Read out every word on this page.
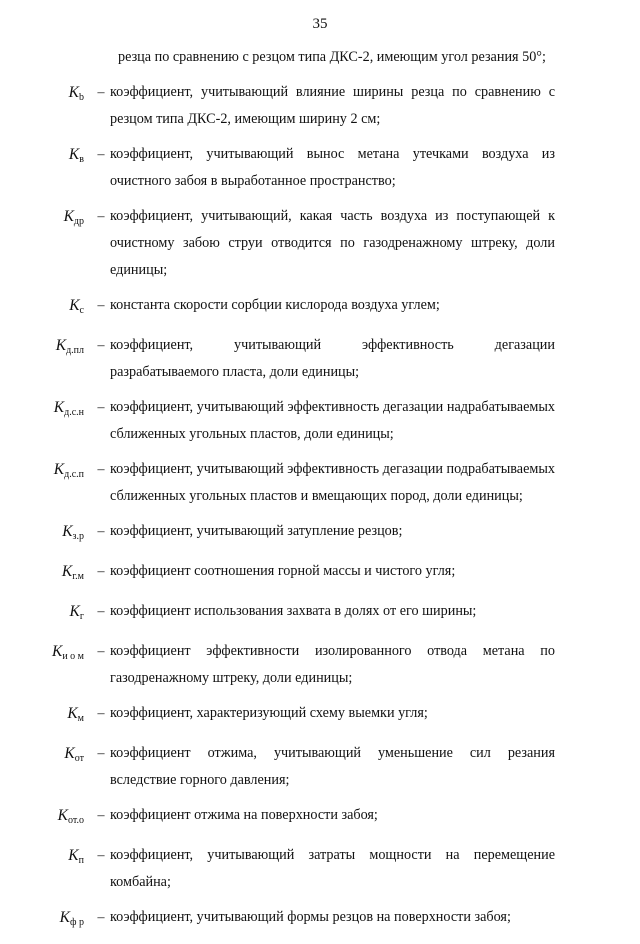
35
резца по сравнению с резцом типа ДКС-2, имеющим угол резания 50°;
$K_b$ – коэффициент, учитывающий влияние ширины резца по сравнению с резцом типа ДКС-2, имеющим ширину 2 см;
$K_в$ – коэффициент, учитывающий вынос метана утечками воздуха из очистного забоя в выработанное пространство;
$K_{др}$ – коэффициент, учитывающий, какая часть воздуха из поступающей к очистному забою струи отводится по газодренажному штреку, доли единицы;
$K_с$ – константа скорости сорбции кислорода воздуха углем;
$K_{д.пл}$ – коэффициент, учитывающий эффективность дегазации разрабатываемого пласта, доли единицы;
$K_{д.с.н}$ – коэффициент, учитывающий эффективность дегазации надрабатываемых сближенных угольных пластов, доли единицы;
$K_{д.с.п}$ – коэффициент, учитывающий эффективность дегазации подрабатываемых сближенных угольных пластов и вмещающих пород, доли единицы;
$K_{з.р}$ – коэффициент, учитывающий затупление резцов;
$K_{г.м}$ – коэффициент соотношения горной массы и чистого угля;
$K_г$ – коэффициент использования захвата в долях от его ширины;
$K_{и о м}$ – коэффициент эффективности изолированного отвода метана по газодренажному штреку, доли единицы;
$K_м$ – коэффициент, характеризующий схему выемки угля;
$K_{от}$ – коэффициент отжима, учитывающий уменьшение сил резания вследствие горного давления;
$K_{от.о}$ – коэффициент отжима на поверхности забоя;
$K_п$ – коэффициент, учитывающий затраты мощности на перемещение комбайна;
$K_{ф р}$ – коэффициент, учитывающий формы резцов на поверхности забоя;
